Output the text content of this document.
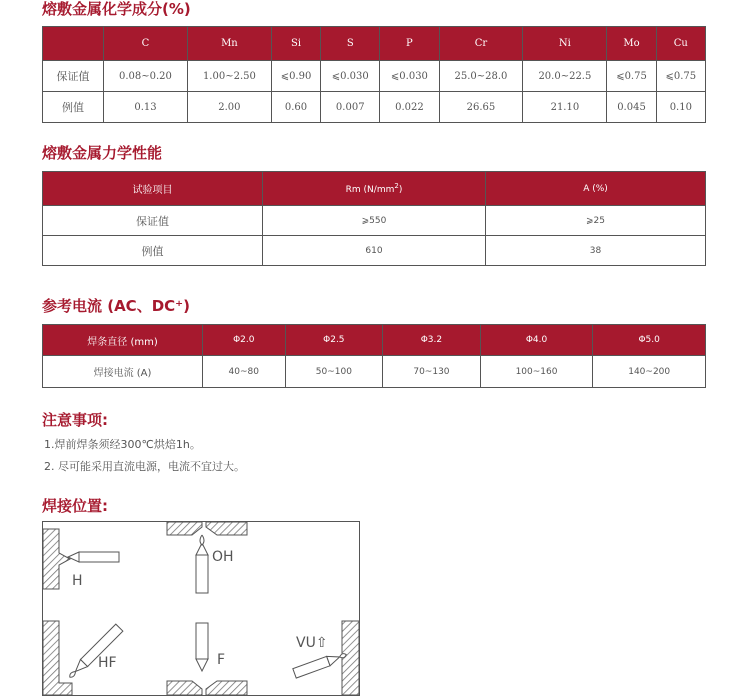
熔敷金属化学成分(%)
	C	Mn	Si	S	P	Cr	Ni	Mo	Cu
保证值	0.08~0.20	1.00~2.50	⩽0.90	⩽0.030	⩽0.030	25.0~28.0	20.0~22.5	⩽0.75	⩽0.75
例值	0.13	2.00	0.60	0.007	0.022	26.65	21.10	0.045	0.10
熔敷金属力学性能
试验项目	Rm $(N/mm^2)$	A (%)
保证值	⩾550	⩾25
例值	610	38
参考电流 (AC、DC⁺)
焊条直径 (mm)	Φ2.0	Φ2.5	Φ3.2	Φ4.0	Φ5.0
焊接电流 (A)	40~80	50~100	70~130	100~160	140~200
注意事项:
1.焊前焊条须经300℃烘焙1h。
2. 尽可能采用直流电源，电流不宜过大。
焊接位置:
H
OH
HF	F
VU⇧
